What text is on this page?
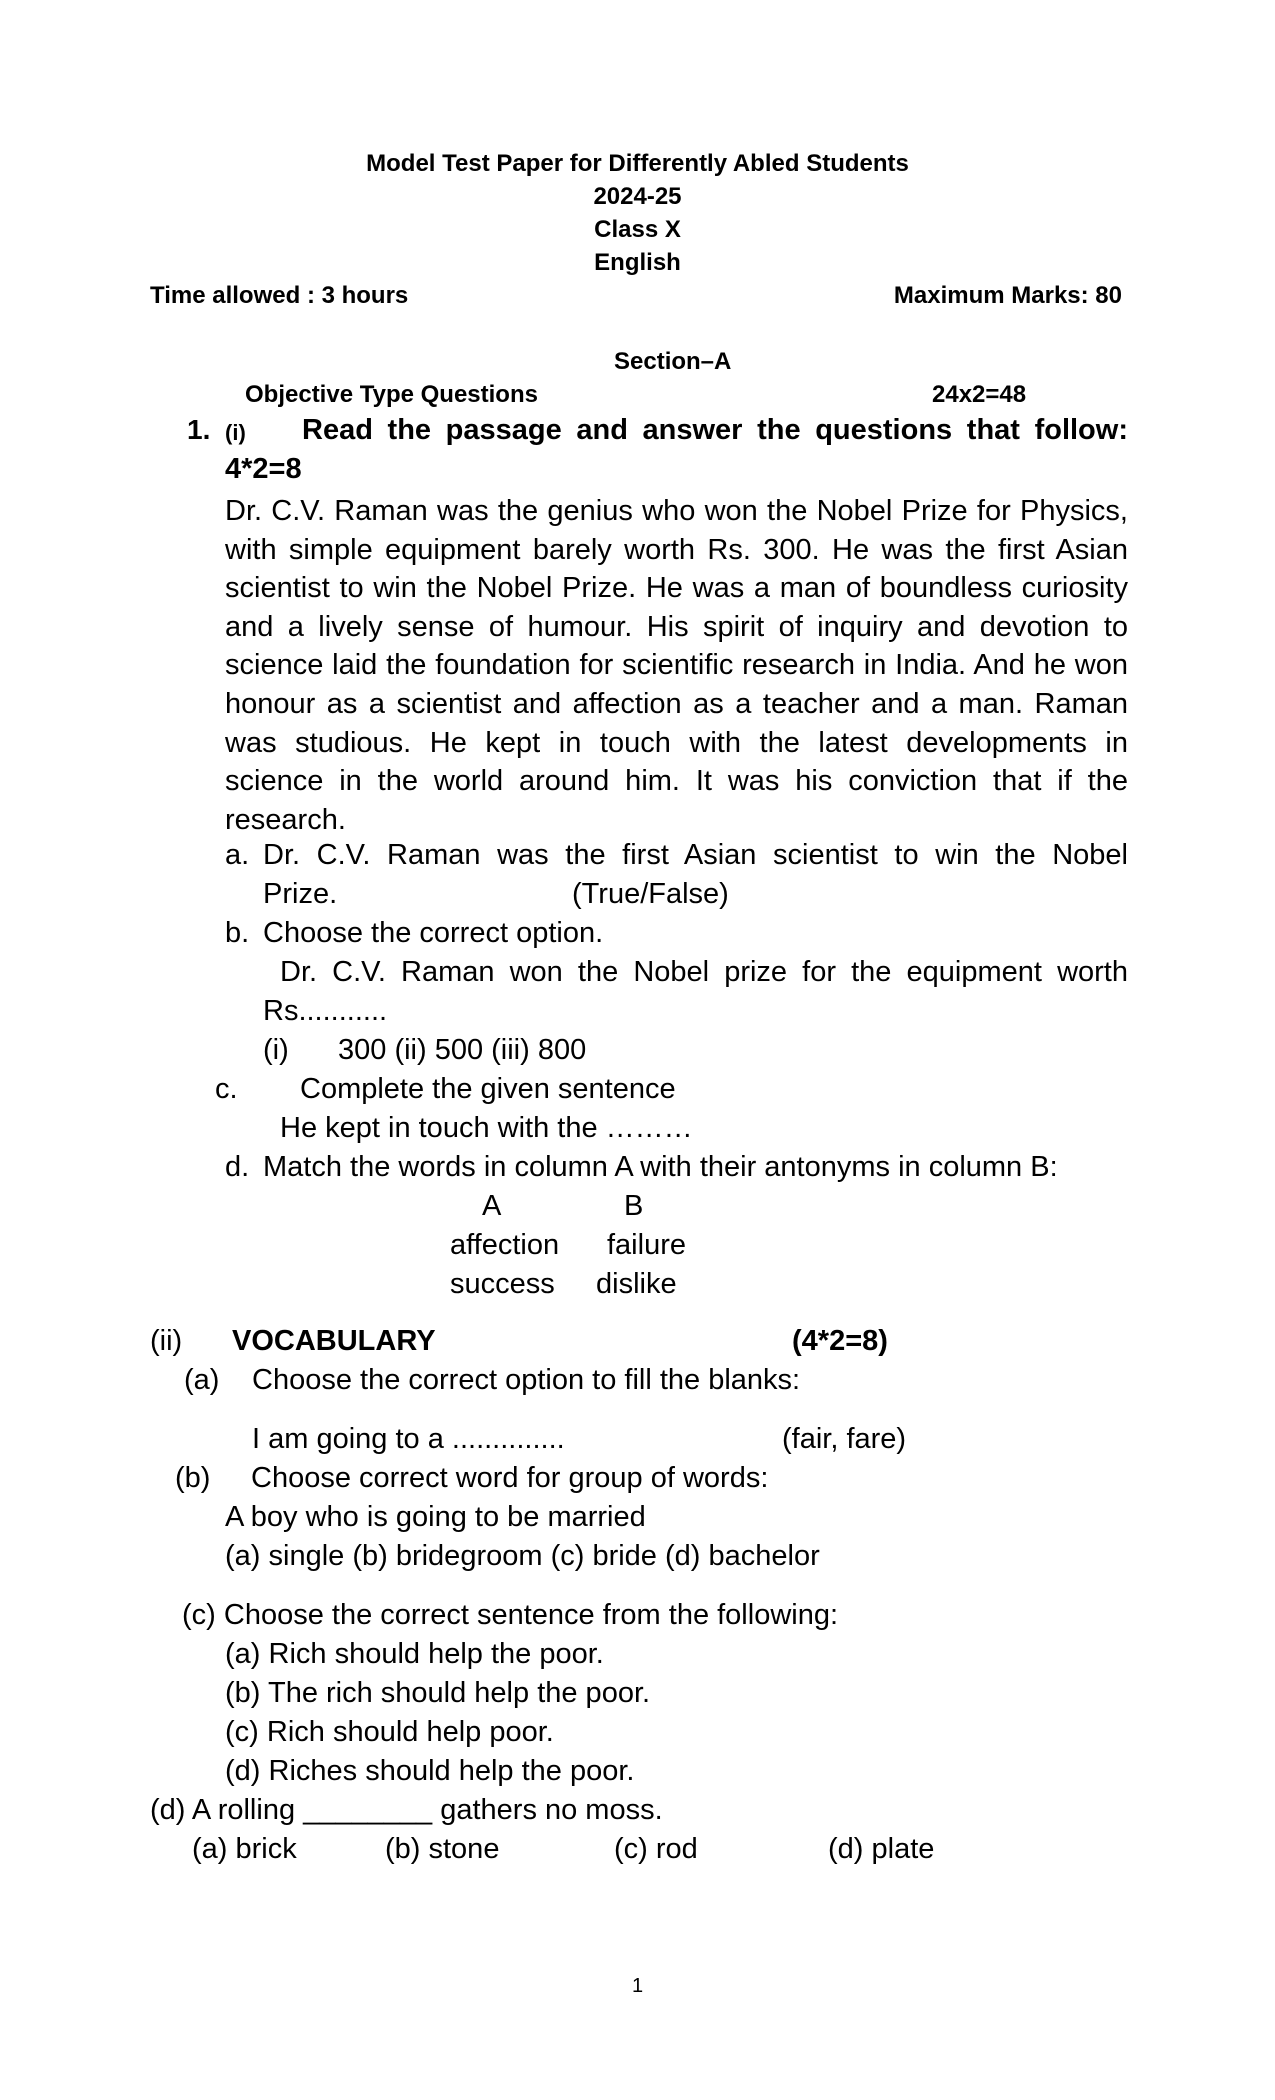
Model Test Paper for Differently Abled Students

2024-25

Class X

English

Time allowed : 3 hours	Maximum Marks: 80

Section–A

Objective Type Questions	24x2=48

1. (i) Read the passage and answer the questions that follow:

4*2=8

Dr. C.V. Raman was the genius who won the Nobel Prize for Physics, with simple equipment barely worth Rs. 300. He was the first Asian scientist to win the Nobel Prize. He was a man of boundless curiosity and a lively sense of humour. His spirit of inquiry and devotion to science laid the foundation for scientific research in India. And he won honour as a scientist and affection as a teacher and a man. Raman was studious. He kept in touch with the latest developments in science in the world around him. It was his conviction that if the research.

a. Dr. C.V. Raman was the first Asian scientist to win the Nobel

Prize.	(True/False)

b. Choose the correct option.

Dr. C.V. Raman won the Nobel prize for the equipment worth

Rs...........

(i) 300 (ii) 500 (iii) 800

c. Complete the given sentence

He kept in touch with the ………

d. Match the words in column A with their antonyms in column B:

A	B

affection failure

success dislike

(ii) VOCABULARY	(4*2=8)

(a) Choose the correct option to fill the blanks:

I am going to a ..............	(fair, fare)

(b) Choose correct word for group of words:

A boy who is going to be married

(a) single (b) bridegroom (c) bride (d) bachelor

(c) Choose the correct sentence from the following:

(a) Rich should help the poor.

(b) The rich should help the poor.

(c) Rich should help poor.

(d) Riches should help the poor.

(d) A rolling ________ gathers no moss.

(a) brick	(b) stone	(c) rod	(d) plate

1
